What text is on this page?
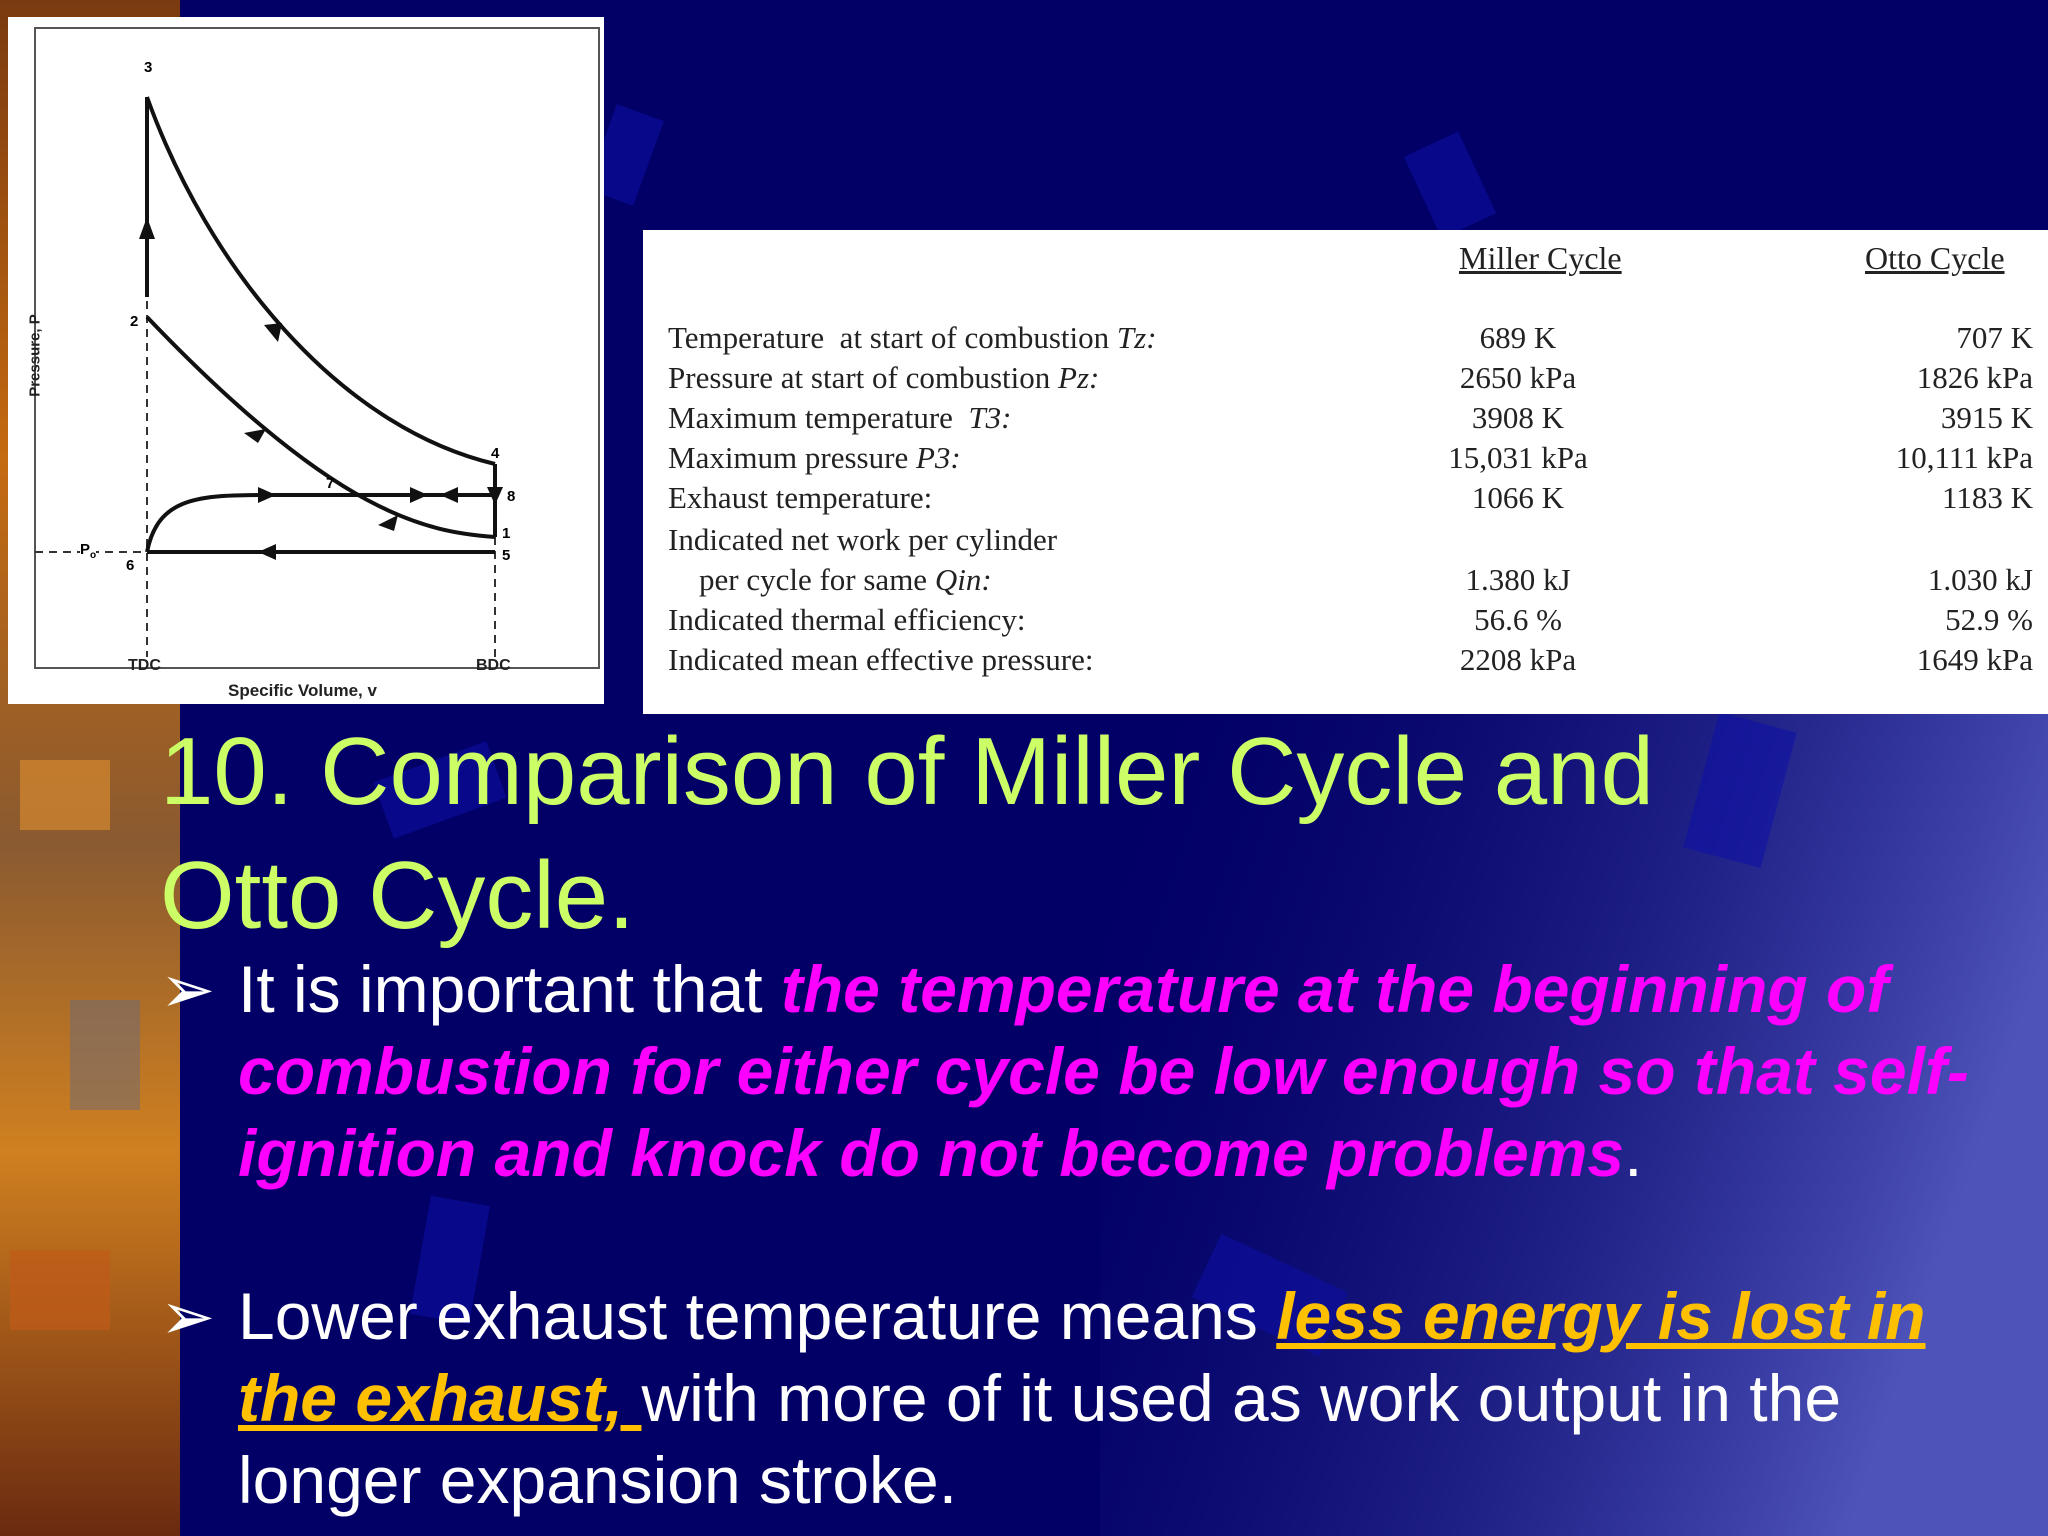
Pressure, P
Specific Volume, v
TDC	BDC
3
2
4
7
8
1
5
6
$P_o$
Miller Cycle	Otto Cycle
Temperature  at start of combustion Tz:	689 K	707 K
Pressure at start of combustion Pz:	2650 kPa	1826 kPa
Maximum temperature  T3:	3908 K	3915 K
Maximum pressure P3:	15,031 kPa	10,111 kPa
Exhaust temperature:	1066 K	1183 K
Indicated net work per cylinder
per cycle for same Qin:	1.380 kJ	1.030 kJ
Indicated thermal efficiency:	56.6 %	52.9 %
Indicated mean effective pressure:	2208 kPa	1649 kPa
10. Comparison of Miller Cycle and
Otto Cycle.
➢ It is important that the temperature at the beginning of combustion for either cycle be low enough so that self-ignition and knock do not become problems.
➢ Lower exhaust temperature means less energy is lost in the exhaust, with more of it used as work output in the longer expansion stroke.
